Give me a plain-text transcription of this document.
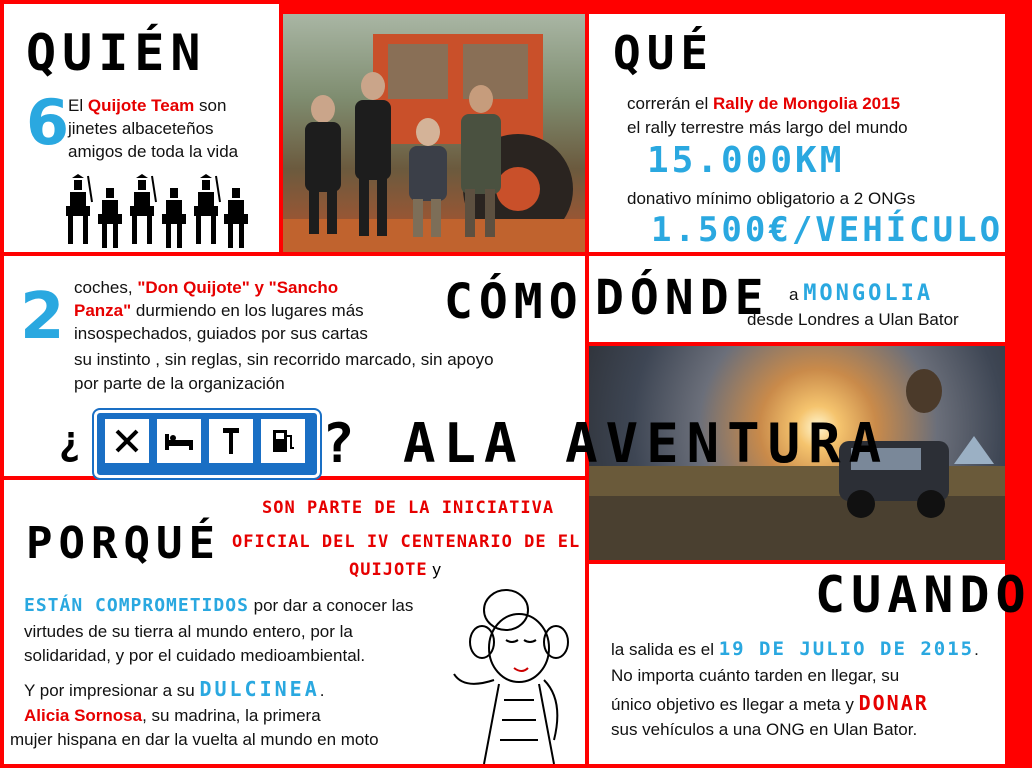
QUIÉN
6
El Quijote Team son
jinetes albaceteños
amigos de toda la vida
QUÉ
correrán el Rally de Mongolia 2015
el rally terrestre más largo del mundo
15.000KM
donativo mínimo obligatorio a 2 ONGs
1.500€/VEHÍCULO
2	CÓMO
coches, "Don Quijote" y "Sancho
Panza" durmiendo en los lugares más
insospechados, guiados por sus cartas
su instinto , sin reglas, sin recorrido marcado, sin apoyo
por parte de la organización
¿
DÓNDE a MONGOLIA
desde Londres a Ulan Bator
? ALA AVENTURA
PORQUÉ
SON PARTE DE LA INICIATIVA
OFICIAL DEL IV CENTENARIO DE EL
QUIJOTE y
ESTÁN COMPROMETIDOS por dar a conocer las
virtudes de su tierra al mundo entero, por la
solidaridad, y por el cuidado medioambiental.
Y por impresionar a su DULCINEA.
Alicia Sornosa, su madrina, la primera
mujer hispana en dar la vuelta al mundo en moto
CUANDO
la salida es el 19 DE JULIO DE 2015.
No importa cuánto tarden en llegar, su
único objetivo es llegar a meta y DONAR
sus vehículos a una ONG en Ulan Bator.
